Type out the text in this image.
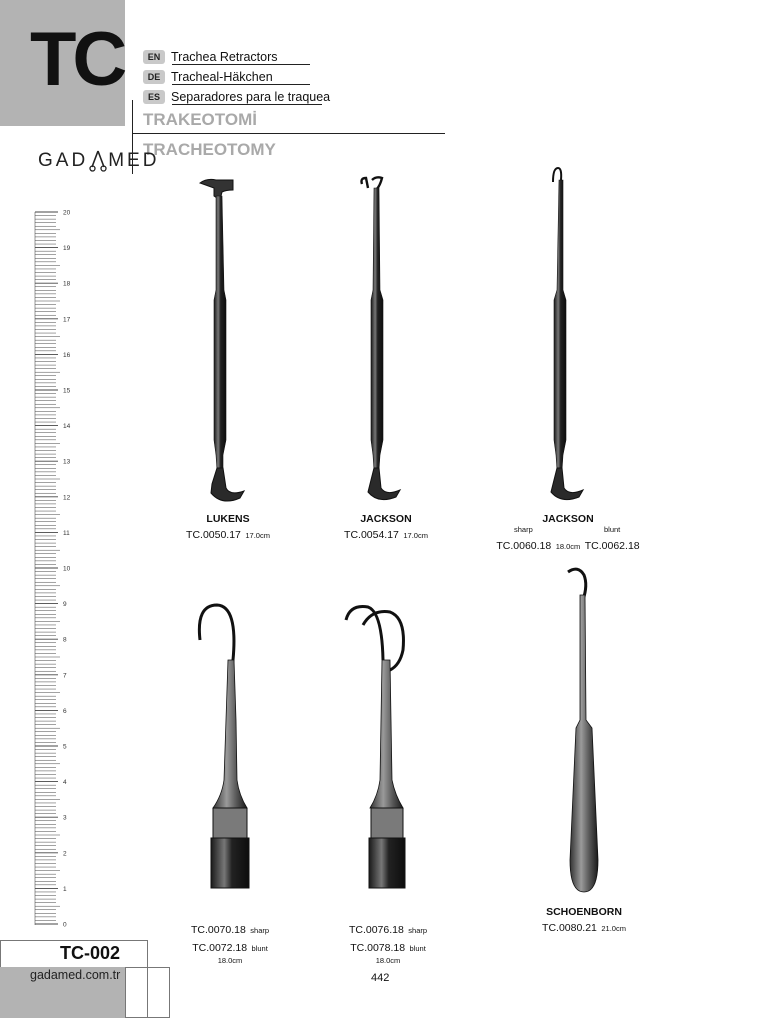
TC	EN Trachea Retractors
DE Tracheal-Häkchen
ES Separadores para le traquea
TRAKEOTOMİ
TRACHEOTOMY
GAD MED
20
19
18
17
16
15
14
13
12
11
10
9
8
7
6
5
4
3
2
1
0
LUKENS
TC.0050.17 17.0cm
JACKSON
TC.0054.17 17.0cm
JACKSON
sharp	blunt
TC.0060.18 18.0cm TC.0062.18
TC.0070.18 sharp
TC.0072.18 blunt
18.0cm
TC.0076.18 sharp
TC.0078.18 blunt
18.0cm
SCHOENBORN
TC.0080.21 21.0cm
TC-002
gadamed.com.tr	442
